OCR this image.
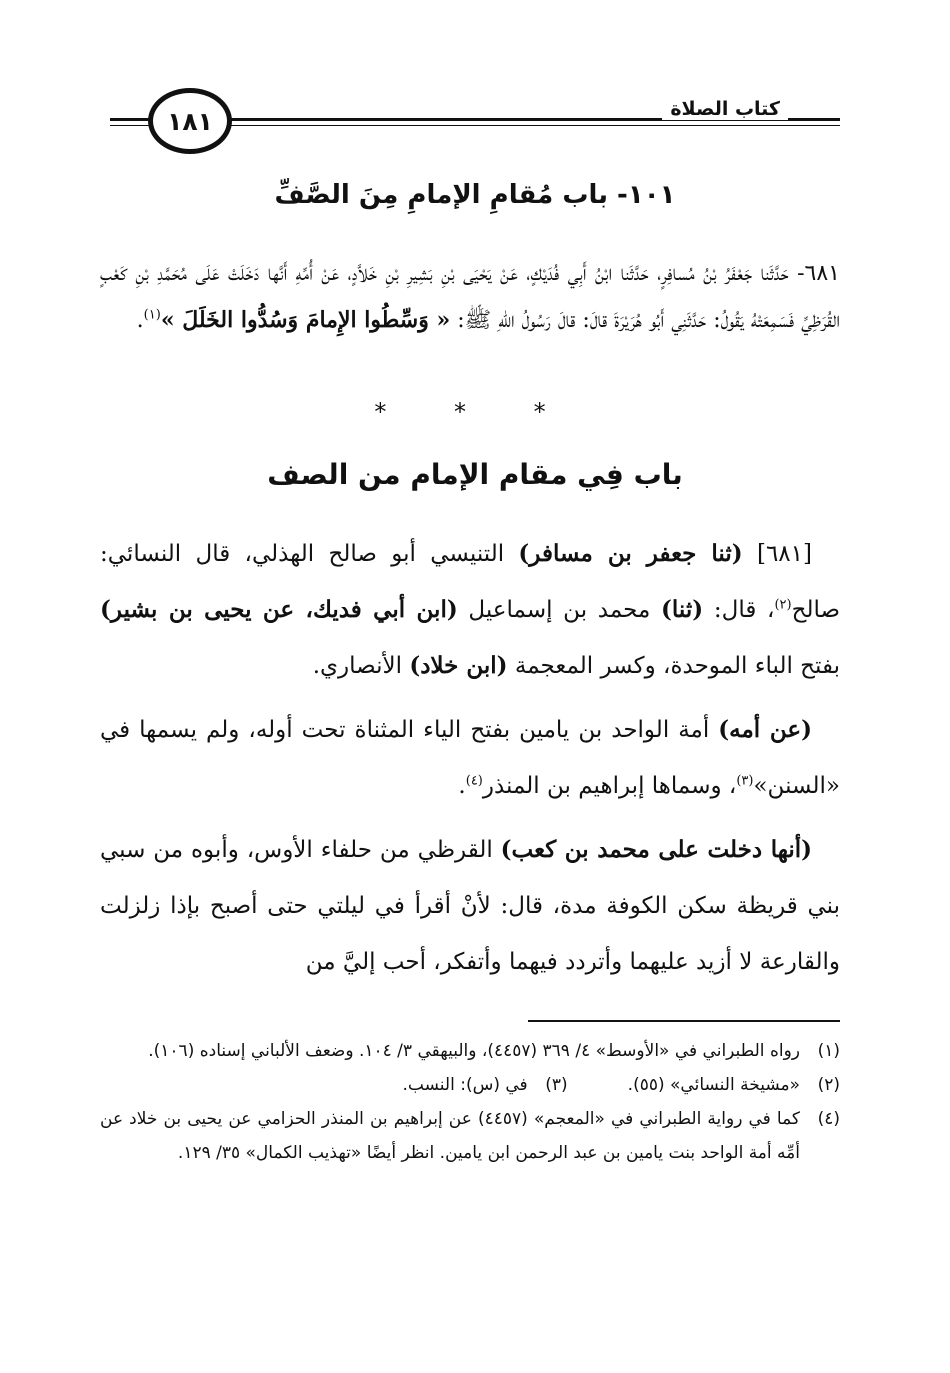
كتاب الصلاة
١٨١
١٠١- باب مُقامِ الإمامِ مِنَ الصَّفِّ
٦٨١- حَدَّثَنا جَعْفَرُ بْنُ مُسافِرٍ، حَدَّثَنا ابْنُ أَبِي فُدَيْكٍ، عَنْ يَحْيَى بْنِ بَشِيرِ بْنِ خَلاَّدٍ، عَنْ أُمِّهِ أَنَّها دَخَلَتْ عَلَى مُحَمَّدِ بْنِ كَعْبٍ القُرَظِيِّ فَسَمِعَتْهُ يَقُولُ: حَدَّثَنِي أَبُو هُرَيْرَةَ قالَ: قالَ رَسُولُ اللهِ ﷺ: « وَسِّطُوا الإِمامَ وَسُدُّوا الخَلَلَ »$^{(١)}$.
* * *
باب فِي مقام الإمام من الصف

[٦٨١] (ثنا جعفر بن مسافر) التنيسي أبو صالح الهذلي، قال النسائي: صالح$^{(٢)}$، قال: (ثنا) محمد بن إسماعيل (ابن أبي فديك، عن يحيى بن بشير) بفتح الباء الموحدة، وكسر المعجمة (ابن خلاد) الأنصاري.

(عن أمه) أمة الواحد بن يامين بفتح الياء المثناة تحت أوله، ولم يسمها في «السنن»$^{(٣)}$، وسماها إبراهيم بن المنذر$^{(٤)}$.

(أنها دخلت على محمد بن كعب) القرظي من حلفاء الأوس، وأبوه من سبي بني قريظة سكن الكوفة مدة، قال: لأنْ أقرأ في ليلتي حتى أصبح بإذا زلزلت والقارعة لا أزيد عليهما وأتردد فيهما وأتفكر، أحب إليَّ من

(١)
رواه الطبراني في «الأوسط» ٤/ ٣٦٩ (٤٤٥٧)، والبيهقي ٣/ ١٠٤. وضعف الألباني إسناده (١٠٦).
(٢)
«مشيخة النسائي» (٥٥).
(٣)
في (س): النسب.
(٤)
كما في رواية الطبراني في «المعجم» (٤٤٥٧) عن إبراهيم بن المنذر الحزامي عن يحيى بن خلاد عن أمِّه أمة الواحد بنت يامين بن عبد الرحمن ابن يامين. انظر أيضًا «تهذيب الكمال» ٣٥/ ١٢٩.
